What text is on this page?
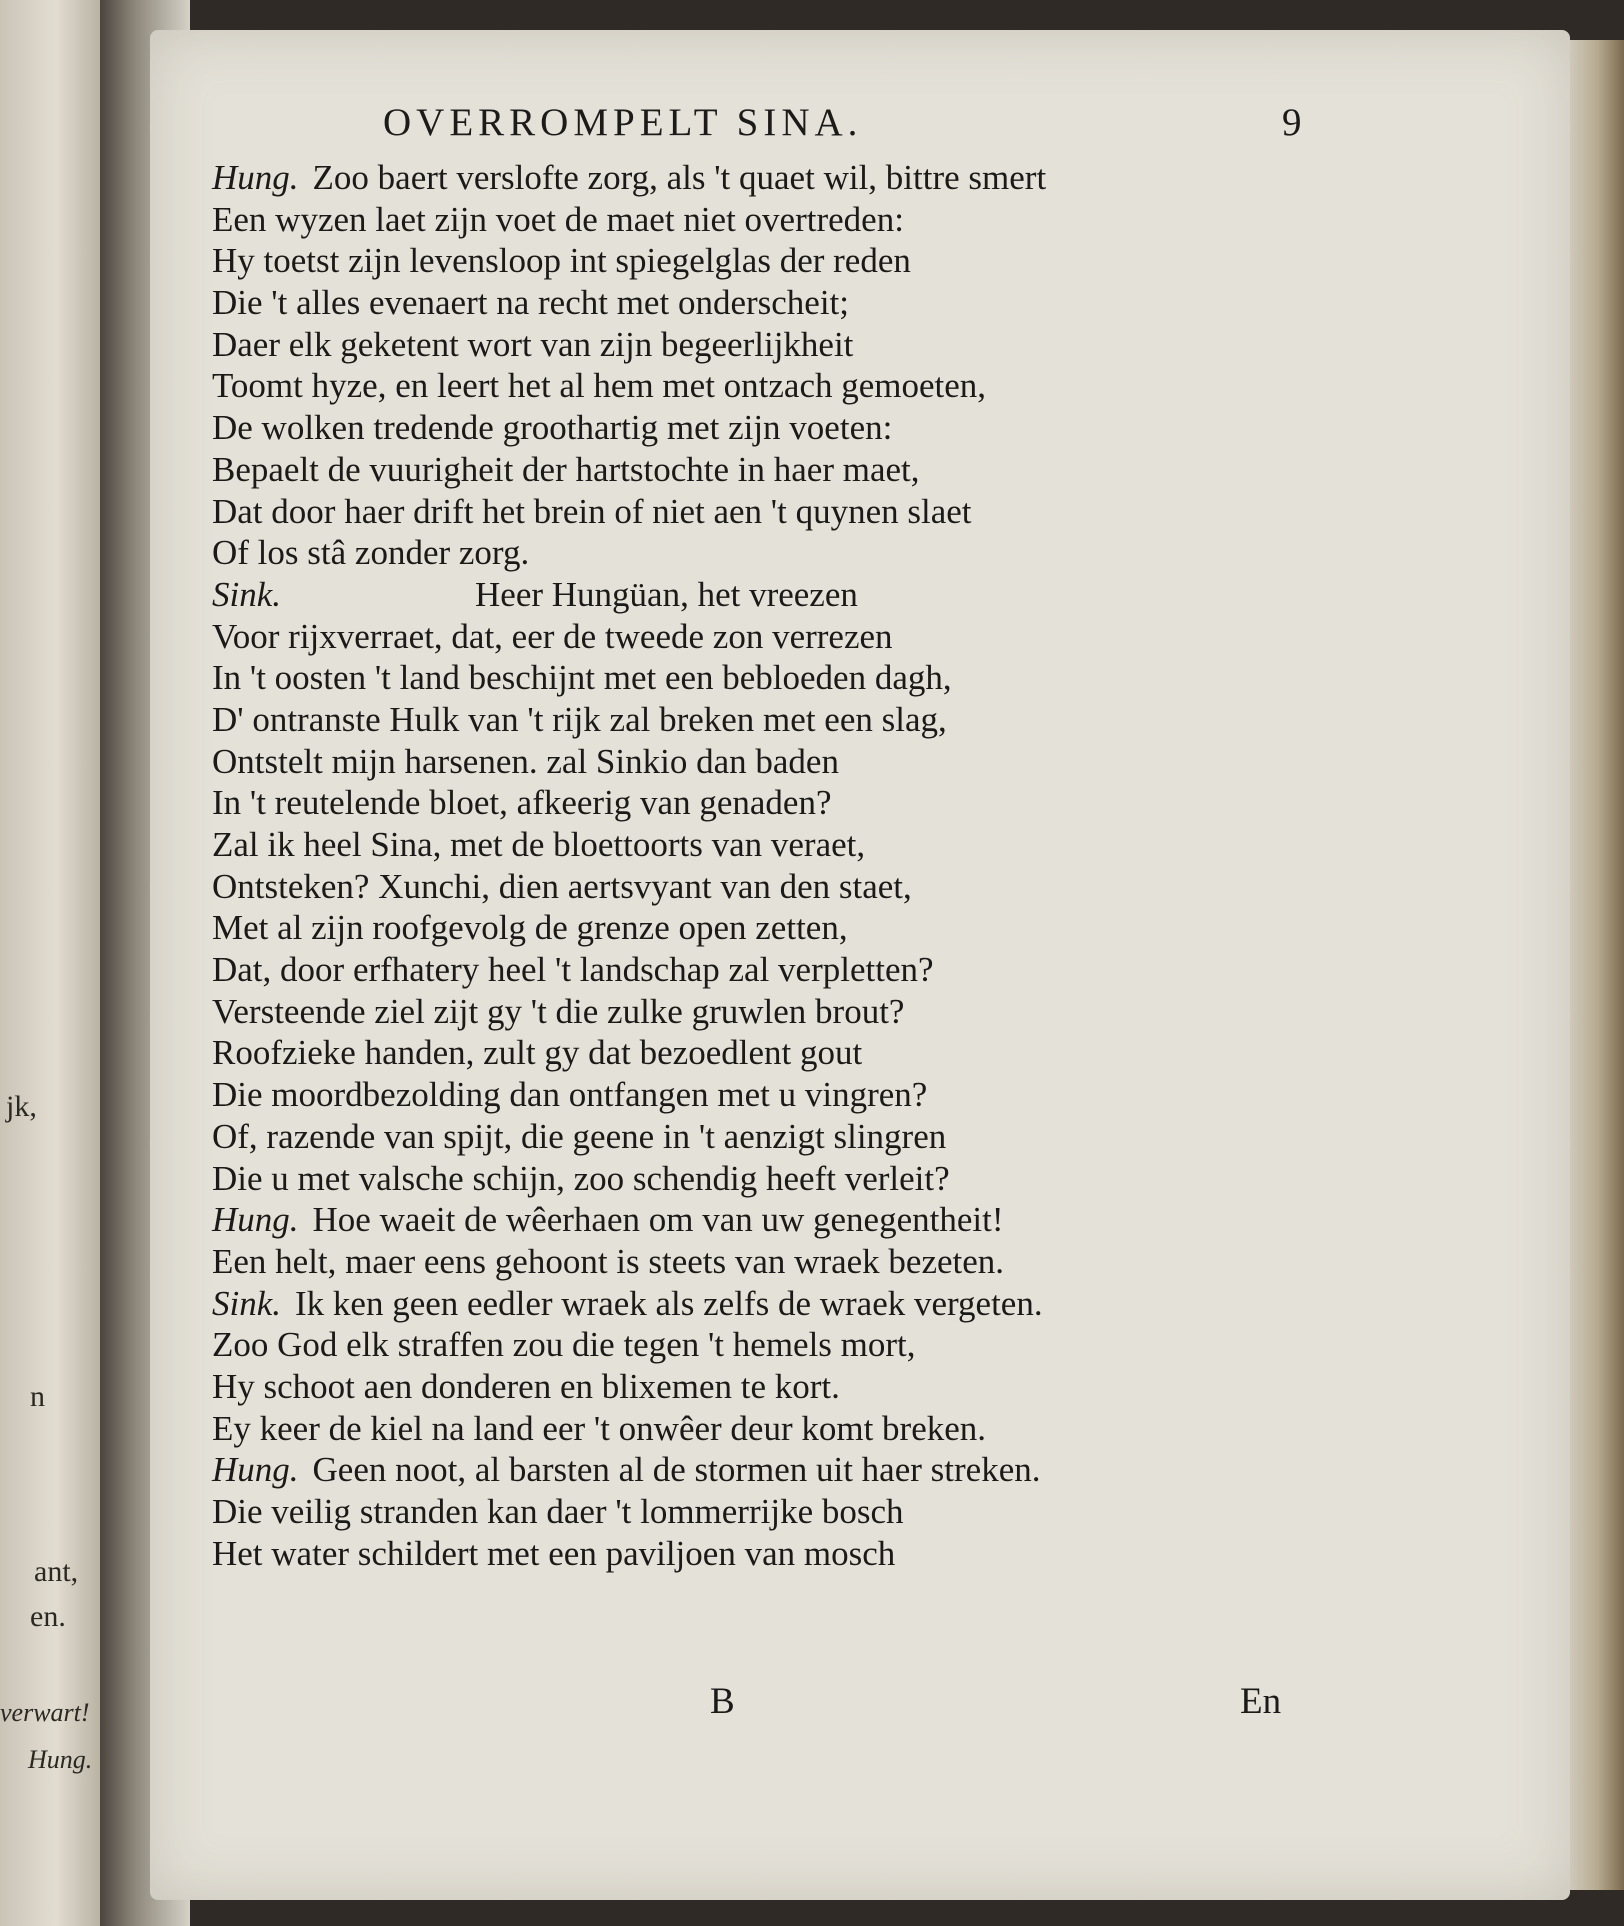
jk,
n
ant,
en.
verwart!
Hung.
OVERROMPELT SINA.	9
Hung. Zoo baert verslofte zorg, als 't quaet wil, bittre smert
Een wyzen laet zijn voet de maet niet overtreden:
Hy toetst zijn levensloop int spiegelglas der reden
Die 't alles evenaert na recht met onderscheit;
Daer elk geketent wort van zijn begeerlijkheit
Toomt hyze, en leert het al hem met ontzach gemoeten,
De wolken tredende groothartig met zijn voeten:
Bepaelt de vuurigheit der hartstochte in haer maet,
Dat door haer drift het brein of niet aen 't quynen slaet
Of los stâ zonder zorg.
Sink.	Heer Hungüan, het vreezen
Voor rijxverraet, dat, eer de tweede zon verrezen
In 't oosten 't land beschijnt met een bebloeden dagh,
D' ontranste Hulk van 't rijk zal breken met een slag,
Ontstelt mijn harsenen. zal Sinkio dan baden
In 't reutelende bloet, afkeerig van genaden?
Zal ik heel Sina, met de bloettoorts van veraet,
Ontsteken? Xunchi, dien aertsvyant van den staet,
Met al zijn roofgevolg de grenze open zetten,
Dat, door erfhatery heel 't landschap zal verpletten?
Versteende ziel zijt gy 't die zulke gruwlen brout?
Roofzieke handen, zult gy dat bezoedlent gout
Die moordbezolding dan ontfangen met u vingren?
Of, razende van spijt, die geene in 't aenzigt slingren
Die u met valsche schijn, zoo schendig heeft verleit?
Hung. Hoe waeit de wêerhaen om van uw genegentheit!
Een helt, maer eens gehoont is steets van wraek bezeten.
Sink. Ik ken geen eedler wraek als zelfs de wraek vergeten.
Zoo God elk straffen zou die tegen 't hemels mort,
Hy schoot aen donderen en blixemen te kort.
Ey keer de kiel na land eer 't onwêer deur komt breken.
Hung. Geen noot, al barsten al de stormen uit haer streken.
Die veilig stranden kan daer 't lommerrijke bosch
Het water schildert met een paviljoen van mosch
B	En
